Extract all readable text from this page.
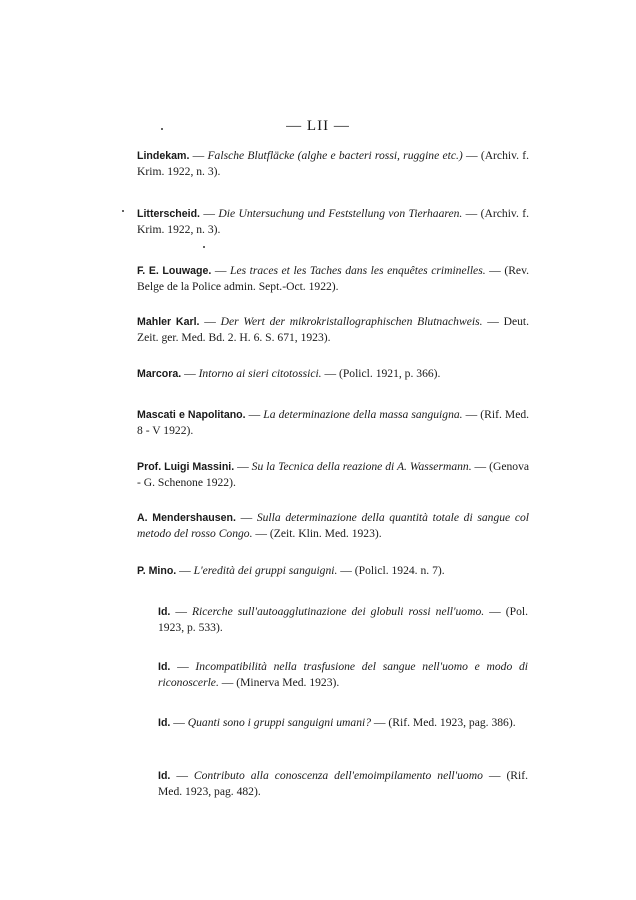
— LII —
Lindekam. — Falsche Blutfläcke (alghe e bacteri rossi, ruggine etc.) — (Archiv. f. Krim. 1922, n. 3).
Litterscheid. — Die Untersuchung und Feststellung von Tierhaaren. — (Archiv. f. Krim. 1922, n. 3).
F. E. Louwage. — Les traces et les Taches dans les enquêtes criminelles. — (Rev. Belge de la Police admin. Sept.-Oct. 1922).
Mahler Karl. — Der Wert der mikrokristallographischen Blutnachweis. — Deut. Zeit. ger. Med. Bd. 2. H. 6. S. 671, 1923).
Marcora. — Intorno ai sieri citotossici. — (Policl. 1921, p. 366).
Mascati e Napolitano. — La determinazione della massa sanguigna. — (Rif. Med. 8 - V 1922).
Prof. Luigi Massini. — Su la Tecnica della reazione di A. Wassermann. — (Genova - G. Schenone 1922).
A. Mendershausen. — Sulla determinazione della quantità totale di sangue col metodo del rosso Congo. — (Zeit. Klin. Med. 1923).
P. Mino. — L'eredità dei gruppi sanguigni. — (Policl. 1924. n. 7).
Id. — Ricerche sull'autoagglutinazione dei globuli rossi nell'uomo. — (Pol. 1923, p. 533).
Id. — Incompatibilità nella trasfusione del sangue nell'uomo e modo di riconoscerle. — (Minerva Med. 1923).
Id. — Quanti sono i gruppi sanguigni umani? — (Rif. Med. 1923, pag. 386).
Id. — Contributo alla conoscenza dell'emoimpilamento nell'uomo — (Rif. Med. 1923, pag. 482).
